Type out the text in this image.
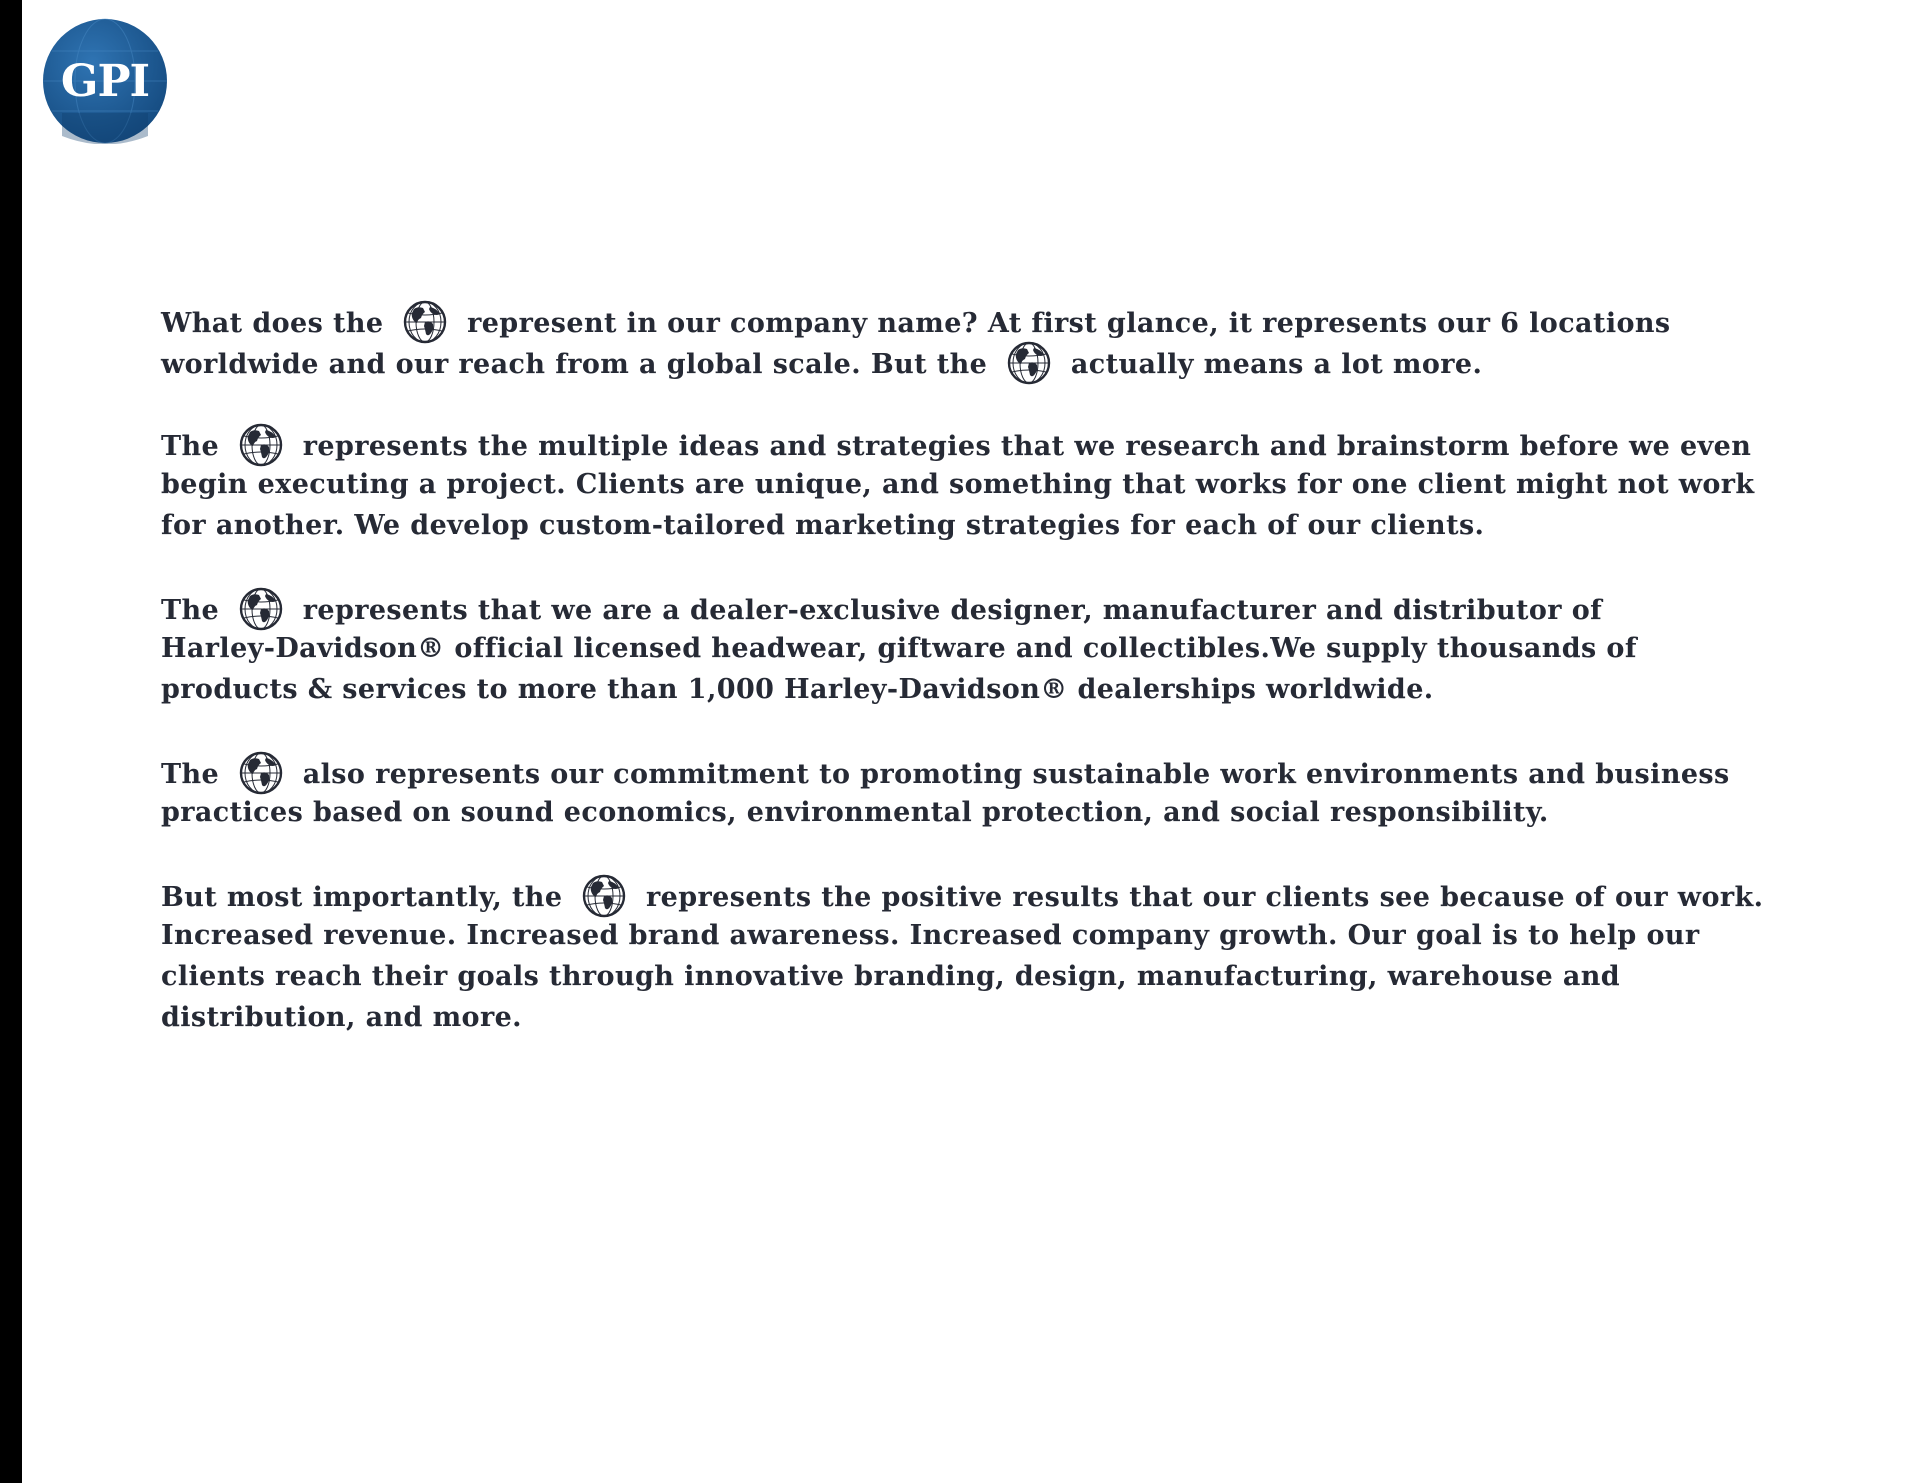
GPI

What does the	represent in our company name? At first glance, it represents our 6 locations
worldwide and our reach from a global scale. But the	actually means a lot more.

The	represents the multiple ideas and strategies that we research and brainstorm before we even
begin executing a project. Clients are unique, and something that works for one client might not work
for another. We develop custom-tailored marketing strategies for each of our clients.

The	represents that we are a dealer-exclusive designer, manufacturer and distributor of
Harley-Davidson® official licensed headwear, giftware and collectibles.We supply thousands of
products & services to more than 1,000 Harley-Davidson® dealerships worldwide.

The	also represents our commitment to promoting sustainable work environments and business
practices based on sound economics, environmental protection, and social responsibility.

But most importantly, the	represents the positive results that our clients see because of our work.
Increased revenue. Increased brand awareness. Increased company growth. Our goal is to help our
clients reach their goals through innovative branding, design, manufacturing, warehouse and
distribution, and more.
